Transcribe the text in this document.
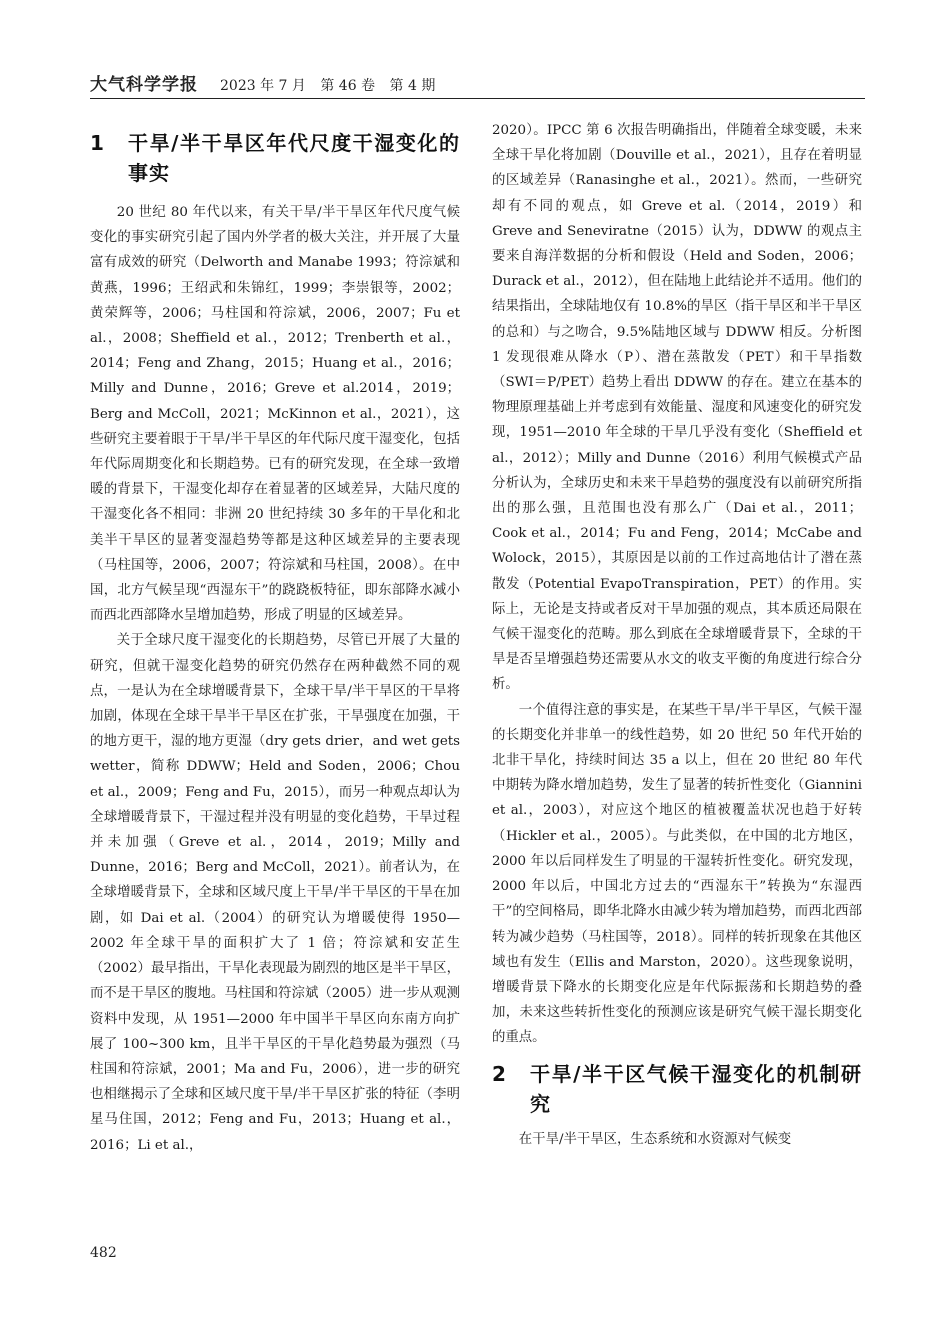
大气科学学报 2023 年 7 月 第 46 卷 第 4 期
1	干旱/半干旱区年代尺度干湿变化的事实

20 世纪 80 年代以来，有关干旱/半干旱区年代尺度气候变化的事实研究引起了国内外学者的极大关注，并开展了大量富有成效的研究（Delworth and Manabe 1993；符淙斌和黄燕，1996；王绍武和朱锦红，1999；李崇银等，2002；黄荣辉等，2006；马柱国和符淙斌，2006，2007；Fu et al.，2008；Sheffield et al.，2012；Trenberth et al.，2014；Feng and Zhang，2015；Huang et al.，2016；Milly and Dunne，2016；Greve et al.2014，2019；Berg and McColl，2021；McKinnon et al.，2021），这些研究主要着眼于干旱/半干旱区的年代际尺度干湿变化，包括年代际周期变化和长期趋势。已有的研究发现，在全球一致增暖的背景下，干湿变化却存在着显著的区域差异，大陆尺度的干湿变化各不相同：非洲 20 世纪持续 30 多年的干旱化和北美半干旱区的显著变湿趋势等都是这种区域差异的主要表现（马柱国等，2006，2007；符淙斌和马柱国，2008）。在中国，北方气候呈现“西湿东干”的跷跷板特征，即东部降水减小而西北西部降水呈增加趋势，形成了明显的区域差异。

关于全球尺度干湿变化的长期趋势，尽管已开展了大量的研究，但就干湿变化趋势的研究仍然存在两种截然不同的观点，一是认为在全球增暖背景下，全球干旱/半干旱区的干旱将加剧，体现在全球干旱半干旱区在扩张，干旱强度在加强，干的地方更干，湿的地方更湿（dry gets drier，and wet gets wetter，简称 DDWW；Held and Soden，2006；Chou et al.，2009；Feng and Fu，2015），而另一种观点却认为全球增暖背景下，干湿过程并没有明显的变化趋势，干旱过程并未加强（Greve et al.，2014，2019；Milly and Dunne，2016；Berg and McColl，2021）。前者认为，在全球增暖背景下，全球和区域尺度上干旱/半干旱区的干旱在加剧，如 Dai et al.（2004）的研究认为增暖使得 1950—2002 年全球干旱的面积扩大了 1 倍；符淙斌和安芷生（2002）最早指出，干旱化表现最为剧烈的地区是半干旱区，而不是干旱区的腹地。马柱国和符淙斌（2005）进一步从观测资料中发现，从 1951—2000 年中国半干旱区向东南方向扩展了 100~300 km，且半干旱区的干旱化趋势最为强烈（马柱国和符淙斌，2001；Ma and Fu，2006），进一步的研究也相继揭示了全球和区域尺度干旱/半干旱区扩张的特征（李明星马住国，2012；Feng and Fu，2013；Huang et al.，2016；Li et al.，

2020）。IPCC 第 6 次报告明确指出，伴随着全球变暖，未来全球干旱化将加剧（Douville et al.，2021），且存在着明显的区域差异（Ranasinghe et al.，2021）。然而，一些研究却有不同的观点，如 Greve et al.（2014，2019）和 Greve and Seneviratne（2015）认为，DDWW 的观点主要来自海洋数据的分析和假设（Held and Soden，2006；Durack et al.，2012），但在陆地上此结论并不适用。他们的结果指出，全球陆地仅有 10.8%的旱区（指干旱区和半干旱区的总和）与之吻合，9.5%陆地区域与 DDWW 相反。分析图 1 发现很难从降水（P）、潜在蒸散发（PET）和干旱指数（SWI＝P/PET）趋势上看出 DDWW 的存在。建立在基本的物理原理基础上并考虑到有效能量、湿度和风速变化的研究发现，1951—2010 年全球的干旱几乎没有变化（Sheffield et al.，2012）；Milly and Dunne（2016）利用气候模式产品分析认为，全球历史和未来干旱趋势的强度没有以前研究所指出的那么强，且范围也没有那么广（Dai et al.，2011；Cook et al.，2014；Fu and Feng，2014；McCabe and Wolock，2015），其原因是以前的工作过高地估计了潜在蒸散发（Potential EvapoTranspiration，PET）的作用。实际上，无论是支持或者反对干旱加强的观点，其本质还局限在气候干湿变化的范畴。那么到底在全球增暖背景下，全球的干旱是否呈增强趋势还需要从水文的收支平衡的角度进行综合分析。

一个值得注意的事实是，在某些干旱/半干旱区，气候干湿的长期变化并非单一的线性趋势，如 20 世纪 50 年代开始的北非干旱化，持续时间达 35 a 以上，但在 20 世纪 80 年代中期转为降水增加趋势，发生了显著的转折性变化（Giannini et al.，2003），对应这个地区的植被覆盖状况也趋于好转（Hickler et al.，2005）。与此类似，在中国的北方地区，2000 年以后同样发生了明显的干湿转折性变化。研究发现，2000 年以后，中国北方过去的“西湿东干”转换为“东湿西干”的空间格局，即华北降水由减少转为增加趋势，而西北西部转为减少趋势（马柱国等，2018）。同样的转折现象在其他区域也有发生（Ellis and Marston，2020）。这些现象说明，增暖背景下降水的长期变化应是年代际振荡和长期趋势的叠加，未来这些转折性变化的预测应该是研究气候干湿长期变化的重点。

2	干旱/半干区气候干湿变化的机制研究

在干旱/半干旱区，生态系统和水资源对气候变

482
